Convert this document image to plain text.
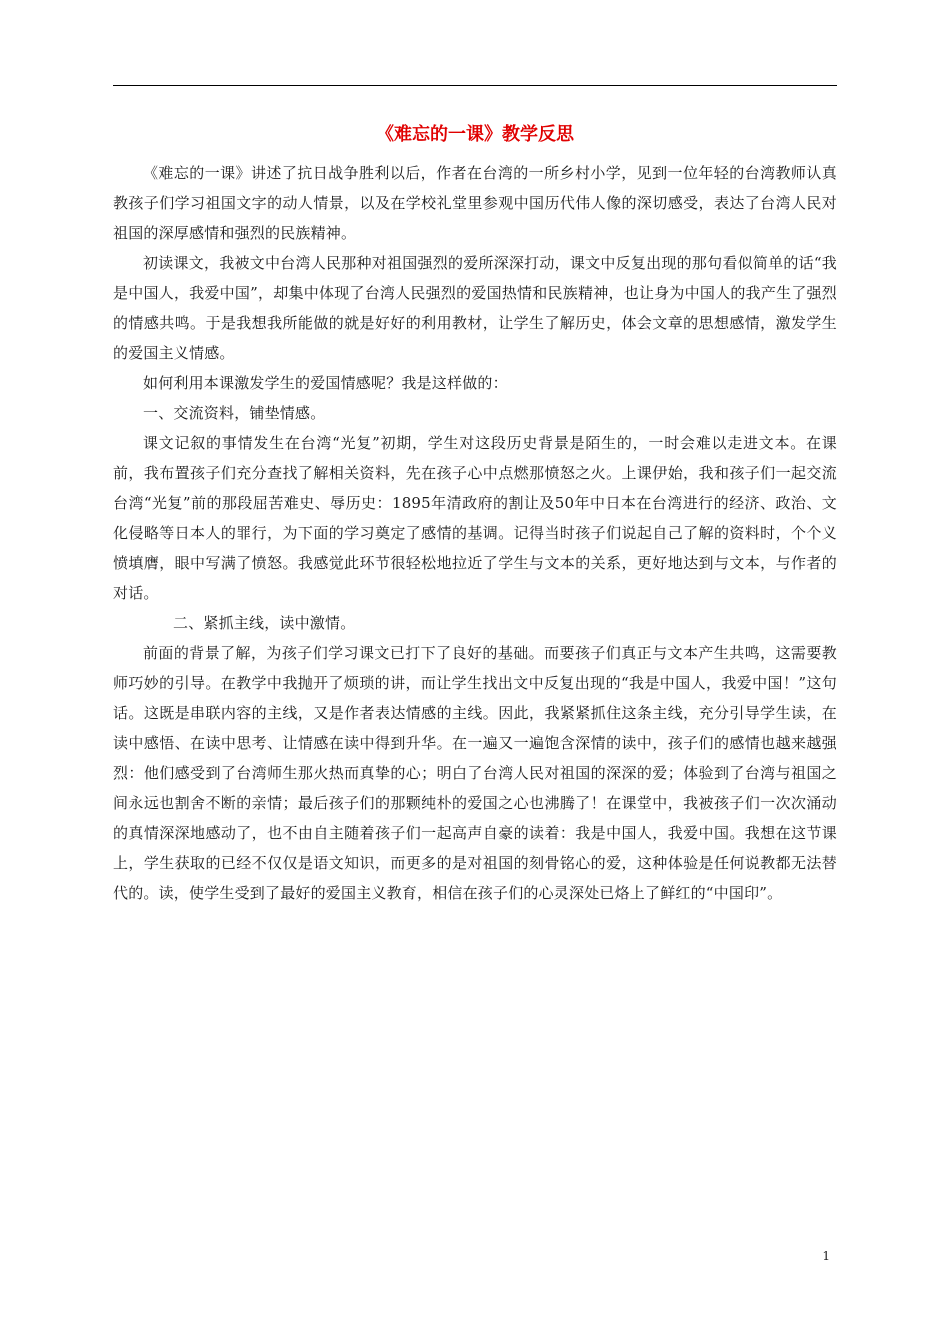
《难忘的一课》教学反思

《难忘的一课》讲述了抗日战争胜利以后，作者在台湾的一所乡村小学，见到一位年轻的台湾教师认真教孩子们学习祖国文字的动人情景，以及在学校礼堂里参观中国历代伟人像的深切感受，表达了台湾人民对祖国的深厚感情和强烈的民族精神。

初读课文，我被文中台湾人民那种对祖国强烈的爱所深深打动，课文中反复出现的那句看似简单的话“我是中国人，我爱中国”，却集中体现了台湾人民强烈的爱国热情和民族精神，也让身为中国人的我产生了强烈的情感共鸣。于是我想我所能做的就是好好的利用教材，让学生了解历史，体会文章的思想感情，激发学生的爱国主义情感。

如何利用本课激发学生的爱国情感呢？我是这样做的：

一、交流资料，铺垫情感。

课文记叙的事情发生在台湾“光复”初期，学生对这段历史背景是陌生的，一时会难以走进文本。在课前，我布置孩子们充分查找了解相关资料，先在孩子心中点燃那愤怒之火。上课伊始，我和孩子们一起交流台湾“光复”前的那段屈苦难史、辱历史：1895年清政府的割让及50年中日本在台湾进行的经济、政治、文化侵略等日本人的罪行，为下面的学习奠定了感情的基调。记得当时孩子们说起自己了解的资料时，个个义愤填膺，眼中写满了愤怒。我感觉此环节很轻松地拉近了学生与文本的关系，更好地达到与文本，与作者的对话。

二、紧抓主线，读中激情。

前面的背景了解，为孩子们学习课文已打下了良好的基础。而要孩子们真正与文本产生共鸣，这需要教师巧妙的引导。在教学中我抛开了烦琐的讲，而让学生找出文中反复出现的“我是中国人，我爱中国！”这句话。这既是串联内容的主线，又是作者表达情感的主线。因此，我紧紧抓住这条主线，充分引导学生读，在读中感悟、在读中思考、让情感在读中得到升华。在一遍又一遍饱含深情的读中，孩子们的感情也越来越强烈：他们感受到了台湾师生那火热而真挚的心；明白了台湾人民对祖国的深深的爱；体验到了台湾与祖国之间永远也割舍不断的亲情；最后孩子们的那颗纯朴的爱国之心也沸腾了！在课堂中，我被孩子们一次次涌动的真情深深地感动了，也不由自主随着孩子们一起高声自豪的读着：我是中国人，我爱中国。我想在这节课上，学生获取的已经不仅仅是语文知识，而更多的是对祖国的刻骨铭心的爱，这种体验是任何说教都无法替代的。读，使学生受到了最好的爱国主义教育，相信在孩子们的心灵深处已烙上了鲜红的“中国印”。

1
